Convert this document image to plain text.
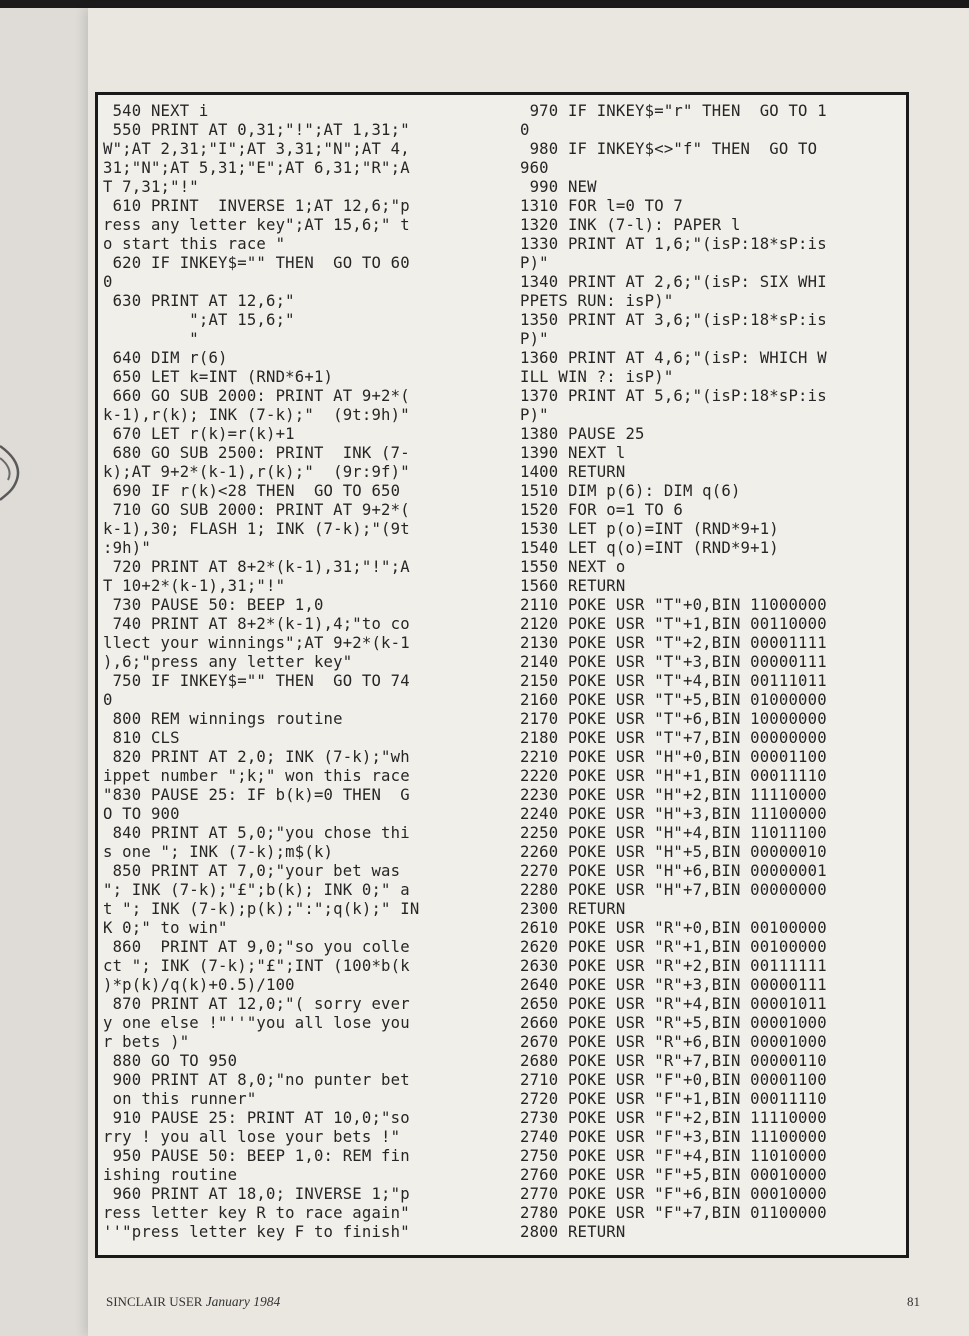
540 NEXT i
550 PRINT AT 0,31;"!";AT 1,31;"
W";AT 2,31;"I";AT 3,31;"N";AT 4,
31;"N";AT 5,31;"E";AT 6,31;"R";A
T 7,31;"!"
610 PRINT  INVERSE 1;AT 12,6;"p
ress any letter key";AT 15,6;" t
o start this race "
620 IF INKEY$="" THEN  GO TO 60
0
630 PRINT AT 12,6;"
";AT 15,6;"
"
640 DIM r(6)
650 LET k=INT (RND*6+1)
660 GO SUB 2000: PRINT AT 9+2*(
k-1),r(k); INK (7-k);"  (9t:9h)"
670 LET r(k)=r(k)+1
680 GO SUB 2500: PRINT  INK (7-
k);AT 9+2*(k-1),r(k);"  (9r:9f)"
690 IF r(k)<28 THEN  GO TO 650
710 GO SUB 2000: PRINT AT 9+2*(
k-1),30; FLASH 1; INK (7-k);"(9t
:9h)"
720 PRINT AT 8+2*(k-1),31;"!";A
T 10+2*(k-1),31;"!"
730 PAUSE 50: BEEP 1,0
740 PRINT AT 8+2*(k-1),4;"to co
llect your winnings";AT 9+2*(k-1
),6;"press any letter key"
750 IF INKEY$="" THEN  GO TO 74
0
800 REM winnings routine
810 CLS
820 PRINT AT 2,0; INK (7-k);"wh
ippet number ";k;" won this race
"830 PAUSE 25: IF b(k)=0 THEN  G
O TO 900
840 PRINT AT 5,0;"you chose thi
s one "; INK (7-k);m$(k)
850 PRINT AT 7,0;"your bet was
"; INK (7-k);"£";b(k); INK 0;" a
t "; INK (7-k);p(k);":";q(k);" IN
K 0;" to win"
860  PRINT AT 9,0;"so you colle
ct "; INK (7-k);"£";INT (100*b(k
)*p(k)/q(k)+0.5)/100
870 PRINT AT 12,0;"( sorry ever
y one else !"''"you all lose you
r bets )"
880 GO TO 950
900 PRINT AT 8,0;"no punter bet
on this runner"
910 PAUSE 25: PRINT AT 10,0;"so
rry ! you all lose your bets !"
950 PAUSE 50: BEEP 1,0: REM fin
ishing routine
960 PRINT AT 18,0; INVERSE 1;"p
ress letter key R to race again"
''"press letter key F to finish"
970 IF INKEY$="r" THEN  GO TO 1
0
980 IF INKEY$<>"f" THEN  GO TO
960
990 NEW
1310 FOR l=0 TO 7
1320 INK (7-l): PAPER l
1330 PRINT AT 1,6;"(isP:18*sP:is
P)"
1340 PRINT AT 2,6;"(isP: SIX WHI
PPETS RUN: isP)"
1350 PRINT AT 3,6;"(isP:18*sP:is
P)"
1360 PRINT AT 4,6;"(isP: WHICH W
ILL WIN ?: isP)"
1370 PRINT AT 5,6;"(isP:18*sP:is
P)"
1380 PAUSE 25
1390 NEXT l
1400 RETURN
1510 DIM p(6): DIM q(6)
1520 FOR o=1 TO 6
1530 LET p(o)=INT (RND*9+1)
1540 LET q(o)=INT (RND*9+1)
1550 NEXT o
1560 RETURN
2110 POKE USR "T"+0,BIN 11000000
2120 POKE USR "T"+1,BIN 00110000
2130 POKE USR "T"+2,BIN 00001111
2140 POKE USR "T"+3,BIN 00000111
2150 POKE USR "T"+4,BIN 00111011
2160 POKE USR "T"+5,BIN 01000000
2170 POKE USR "T"+6,BIN 10000000
2180 POKE USR "T"+7,BIN 00000000
2210 POKE USR "H"+0,BIN 00001100
2220 POKE USR "H"+1,BIN 00011110
2230 POKE USR "H"+2,BIN 11110000
2240 POKE USR "H"+3,BIN 11100000
2250 POKE USR "H"+4,BIN 11011100
2260 POKE USR "H"+5,BIN 00000010
2270 POKE USR "H"+6,BIN 00000001
2280 POKE USR "H"+7,BIN 00000000
2300 RETURN
2610 POKE USR "R"+0,BIN 00100000
2620 POKE USR "R"+1,BIN 00100000
2630 POKE USR "R"+2,BIN 00111111
2640 POKE USR "R"+3,BIN 00000111
2650 POKE USR "R"+4,BIN 00001011
2660 POKE USR "R"+5,BIN 00001000
2670 POKE USR "R"+6,BIN 00001000
2680 POKE USR "R"+7,BIN 00000110
2710 POKE USR "F"+0,BIN 00001100
2720 POKE USR "F"+1,BIN 00011110
2730 POKE USR "F"+2,BIN 11110000
2740 POKE USR "F"+3,BIN 11100000
2750 POKE USR "F"+4,BIN 11010000
2760 POKE USR "F"+5,BIN 00010000
2770 POKE USR "F"+6,BIN 00010000
2780 POKE USR "F"+7,BIN 01100000
2800 RETURN
SINCLAIR USER January 1984	81
